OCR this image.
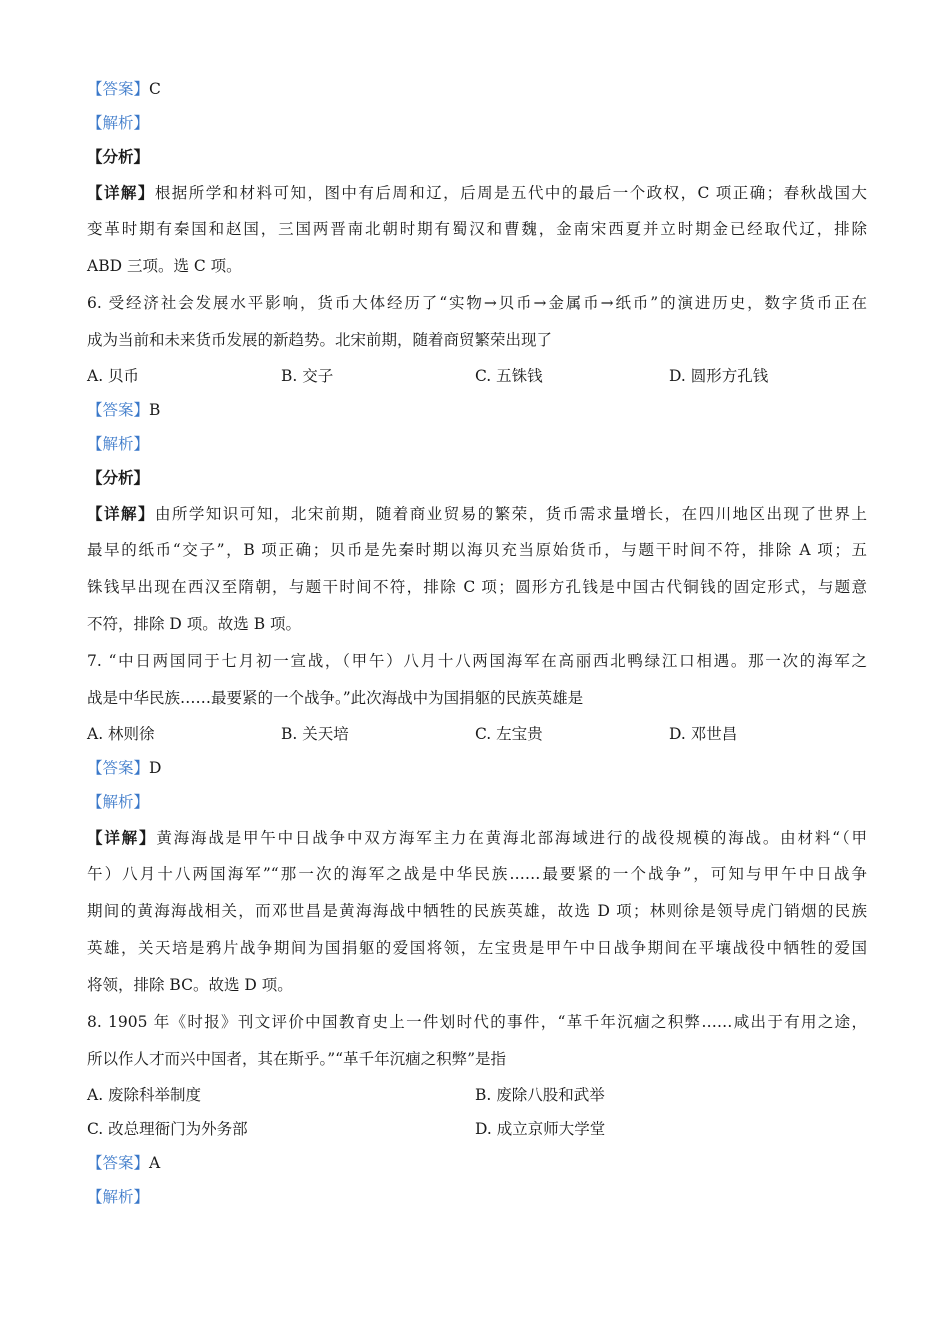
【答案】C
【解析】
【分析】
【详解】根据所学和材料可知，图中有后周和辽，后周是五代中的最后一个政权，C 项正确；春秋战国大
变革时期有秦国和赵国，三国两晋南北朝时期有蜀汉和曹魏，金南宋西夏并立时期金已经取代辽，排除
ABD 三项。选 C 项。
6. 受经济社会发展水平影响，货币大体经历了“实物→贝币→金属币→纸币”的演进历史，数字货币正在
成为当前和未来货币发展的新趋势。北宋前期，随着商贸繁荣出现了
A. 贝币	B. 交子	C. 五铢钱	D. 圆形方孔钱
【答案】B
【解析】
【分析】
【详解】由所学知识可知，北宋前期，随着商业贸易的繁荣，货币需求量增长，在四川地区出现了世界上
最早的纸币“交子”，B 项正确；贝币是先秦时期以海贝充当原始货币，与题干时间不符，排除 A 项；五
铢钱早出现在西汉至隋朝，与题干时间不符，排除 C 项；圆形方孔钱是中国古代铜钱的固定形式，与题意
不符，排除 D 项。故选 B 项。
7. “中日两国同于七月初一宣战，（甲午）八月十八两国海军在高丽西北鸭绿江口相遇。那一次的海军之
战是中华民族……最要紧的一个战争。”此次海战中为国捐躯的民族英雄是
A. 林则徐	B. 关天培	C. 左宝贵	D. 邓世昌
【答案】D
【解析】
【详解】黄海海战是甲午中日战争中双方海军主力在黄海北部海域进行的战役规模的海战。由材料“（甲
午）八月十八两国海军”“那一次的海军之战是中华民族……最要紧的一个战争”，可知与甲午中日战争
期间的黄海海战相关，而邓世昌是黄海海战中牺牲的民族英雄，故选 D 项；林则徐是领导虎门销烟的民族
英雄，关天培是鸦片战争期间为国捐躯的爱国将领，左宝贵是甲午中日战争期间在平壤战役中牺牲的爱国
将领，排除 BC。故选 D 项。
8. 1905 年《时报》刊文评价中国教育史上一件划时代的事件，“革千年沉痼之积弊……咸出于有用之途，
所以作人才而兴中国者，其在斯乎。”“革千年沉痼之积弊”是指
A. 废除科举制度	B. 废除八股和武举
C. 改总理衙门为外务部	D. 成立京师大学堂
【答案】A
【解析】
